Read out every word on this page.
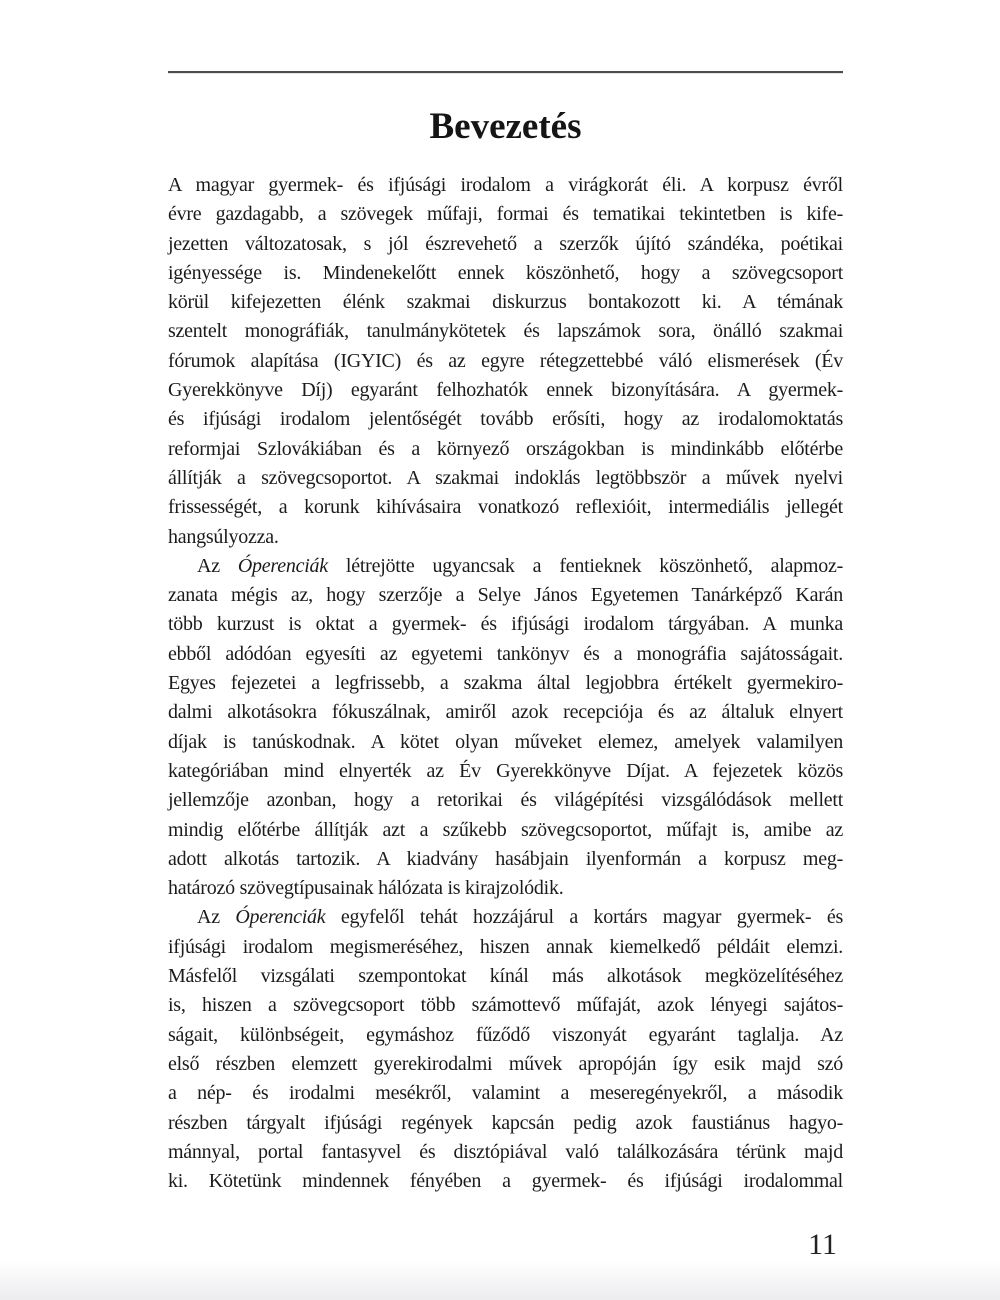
Bevezetés
A magyar gyermek- és ifjúsági irodalom a virágkorát éli. A korpusz évről
évre gazdagabb, a szövegek műfaji, formai és tematikai tekintetben is kife-
jezetten változatosak, s jól észrevehető a szerzők újító szándéka, poétikai
igényessége is. Mindenekelőtt ennek köszönhető, hogy a szövegcsoport
körül kifejezetten élénk szakmai diskurzus bontakozott ki. A témának
szentelt monográfiák, tanulmánykötetek és lapszámok sora, önálló szakmai
fórumok alapítása (IGYIC) és az egyre rétegzettebbé váló elismerések (Év
Gyerekkönyve Díj) egyaránt felhozhatók ennek bizonyítására. A gyermek-
és ifjúsági irodalom jelentőségét tovább erősíti, hogy az irodalomoktatás
reformjai Szlovákiában és a környező országokban is mindinkább előtérbe
állítják a szövegcsoportot. A szakmai indoklás legtöbbször a művek nyelvi
frissességét, a korunk kihívásaira vonatkozó reflexióit, intermediális jellegét
hangsúlyozza.
Az Óperenciák létrejötte ugyancsak a fentieknek köszönhető, alapmoz-
zanata mégis az, hogy szerzője a Selye János Egyetemen Tanárképző Karán
több kurzust is oktat a gyermek- és ifjúsági irodalom tárgyában. A munka
ebből adódóan egyesíti az egyetemi tankönyv és a monográfia sajátosságait.
Egyes fejezetei a legfrissebb, a szakma által legjobbra értékelt gyermekiro-
dalmi alkotásokra fókuszálnak, amiről azok recepciója és az általuk elnyert
díjak is tanúskodnak. A kötet olyan műveket elemez, amelyek valamilyen
kategóriában mind elnyerték az Év Gyerekkönyve Díjat. A fejezetek közös
jellemzője azonban, hogy a retorikai és világépítési vizsgálódások mellett
mindig előtérbe állítják azt a szűkebb szövegcsoportot, műfajt is, amibe az
adott alkotás tartozik. A kiadvány hasábjain ilyenformán a korpusz meg-
határozó szövegtípusainak hálózata is kirajzolódik.
Az Óperenciák egyfelől tehát hozzájárul a kortárs magyar gyermek- és
ifjúsági irodalom megismeréséhez, hiszen annak kiemelkedő példáit elemzi.
Másfelől vizsgálati szempontokat kínál más alkotások megközelítéséhez
is, hiszen a szövegcsoport több számottevő műfaját, azok lényegi sajátos-
ságait, különbségeit, egymáshoz fűződő viszonyát egyaránt taglalja. Az
első részben elemzett gyerekirodalmi művek apropóján így esik majd szó
a nép- és irodalmi mesékről, valamint a meseregényekről, a második
részben tárgyalt ifjúsági regények kapcsán pedig azok faustiánus hagyo-
mánnyal, portal fantasyvel és disztópiával való találkozására térünk majd
ki. Kötetünk mindennek fényében a gyermek- és ifjúsági irodalommal
11
